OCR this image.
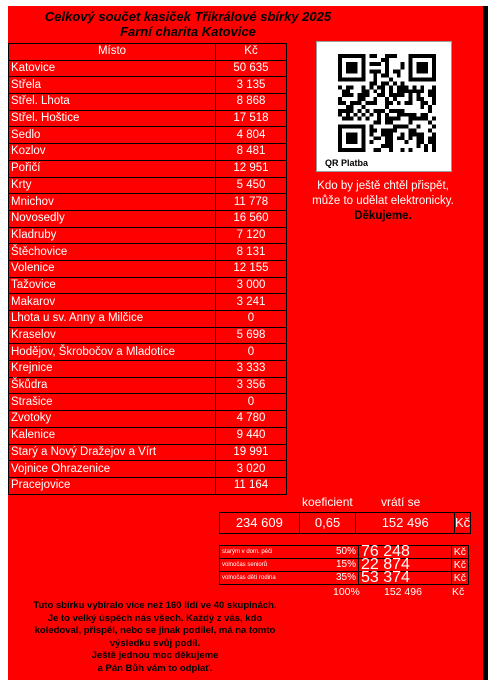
Celkový součet kasiček Tříkrálové sbírky 2025
Farní charita Katovice
Místo	Kč
Katovice	50 635
Střela	3 135
Střel. Lhota	8 868
Střel. Hoštice	17 518
Sedlo	4 804
Kozlov	8 481
Pořičí	12 951
Krty	5 450
Mnichov	11 778
Novosedly	16 560
Kladruby	7 120
Štěchovice	8 131
Volenice	12 155
Tažovice	3 000
Makarov	3 241
Lhota u sv. Anny a Milčice	0
Kraselov	5 698
Hodějov, Škrobočov a Mladotice	0
Krejnice	3 333
Škůdra	3 356
Strašice	0
Zvotoky	4 780
Kalenice	9 440
Starý a Nový Dražejov a Vírt	19 991
Vojnice Ohrazenice	3 020
Pracejovice	11 164
QR Platba
Kdo by ještě chtěl přispět,
může to udělat elektronicky.
Děkujeme.
koeficient vrátí se
234 609	0,65	152 496	Kč
starým v dom. péči	50%	76 248	Kč
volnočas seniorů	15%	22 874	Kč
volnočas dětí rodina	35%	53 374	Kč
100% 152 496	Kč
Tuto sbírku vybíralo více než 160 lidí ve 40 skupinách.
Je to velký úspěch nás všech. Každý z vás, kdo
koledoval, přispěl, nebo se jinak podílel, má na tomto
výsledku svůj podíl.
Ještě jednou moc děkujeme
a Pán Bůh vám to odplať.
